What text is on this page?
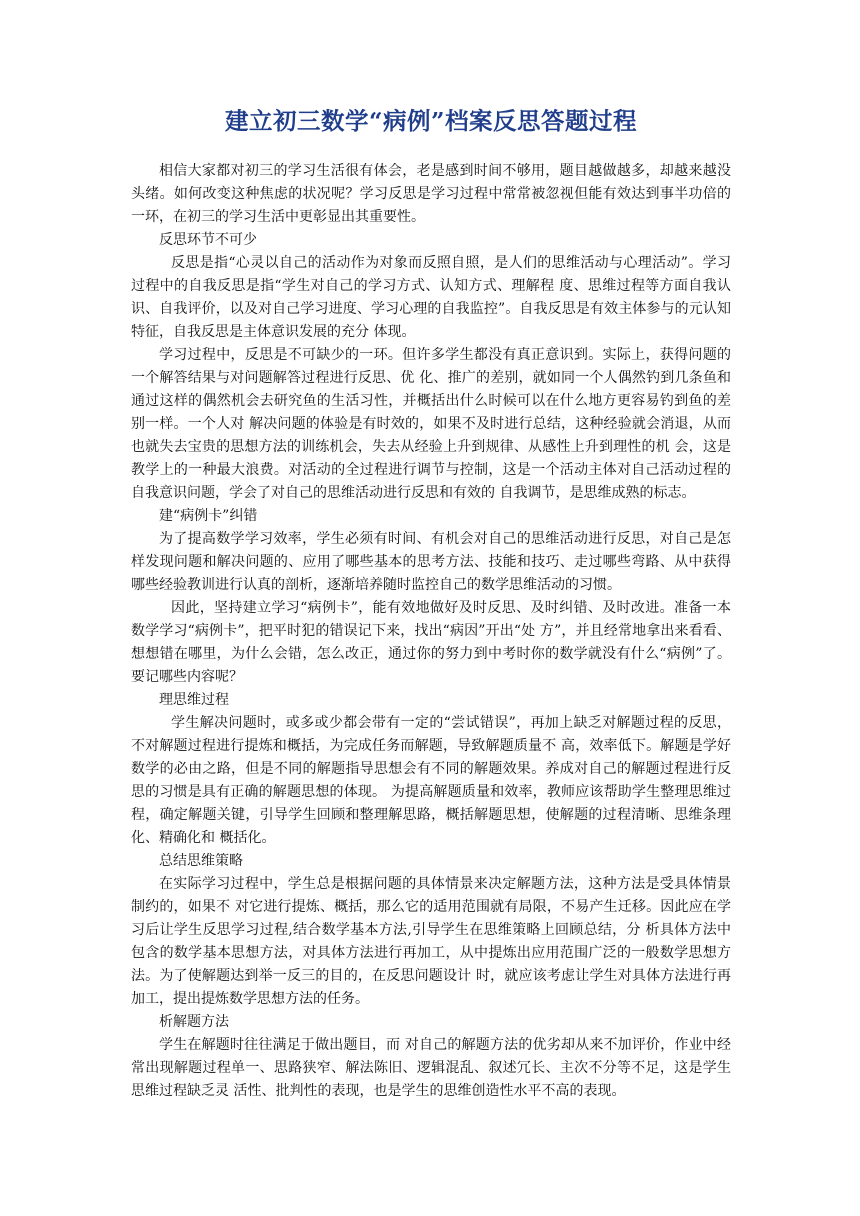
建立初三数学“病例”档案反思答题过程

相信大家都对初三的学习生活很有体会，老是感到时间不够用，题目越做越多，却越来越没头绪。如何改变这种焦虑的状况呢？学习反思是学习过程中常常被忽视但能有效达到事半功倍的一环，在初三的学习生活中更彰显出其重要性。

反思环节不可少

反思是指“心灵以自己的活动作为对象而反照自照，是人们的思维活动与心理活动”。学习过程中的自我反思是指“学生对自己的学习方式、认知方式、理解程 度、思维过程等方面自我认识、自我评价，以及对自己学习进度、学习心理的自我监控”。自我反思是有效主体参与的元认知特征，自我反思是主体意识发展的充分 体现。

学习过程中，反思是不可缺少的一环。但许多学生都没有真正意识到。实际上，获得问题的一个解答结果与对问题解答过程进行反思、优 化、推广的差别，就如同一个人偶然钓到几条鱼和通过这样的偶然机会去研究鱼的生活习性，并概括出什么时候可以在什么地方更容易钓到鱼的差别一样。一个人对 解决问题的体验是有时效的，如果不及时进行总结，这种经验就会消退，从而也就失去宝贵的思想方法的训练机会，失去从经验上升到规律、从感性上升到理性的机 会，这是教学上的一种最大浪费。对活动的全过程进行调节与控制，这是一个活动主体对自己活动过程的自我意识问题，学会了对自己的思维活动进行反思和有效的 自我调节，是思维成熟的标志。

建“病例卡”纠错

为了提高数学学习效率，学生必须有时间、有机会对自己的思维活动进行反思，对自己是怎样发现问题和解决问题的、应用了哪些基本的思考方法、技能和技巧、走过哪些弯路、从中获得哪些经验教训进行认真的剖析，逐渐培养随时监控自己的数学思维活动的习惯。

因此，坚持建立学习“病例卡”，能有效地做好及时反思、及时纠错、及时改进。准备一本数学学习“病例卡”，把平时犯的错误记下来，找出“病因”开出“处 方”，并且经常地拿出来看看、想想错在哪里，为什么会错，怎么改正，通过你的努力到中考时你的数学就没有什么“病例”了。要记哪些内容呢？

理思维过程

学生解决问题时，或多或少都会带有一定的“尝试错误”，再加上缺乏对解题过程的反思，不对解题过程进行提炼和概括，为完成任务而解题，导致解题质量不 高，效率低下。解题是学好数学的必由之路，但是不同的解题指导思想会有不同的解题效果。养成对自己的解题过程进行反思的习惯是具有正确的解题思想的体现。 为提高解题质量和效率，教师应该帮助学生整理思维过程，确定解题关键，引导学生回顾和整理解思路，概括解题思想，使解题的过程清晰、思维条理化、精确化和 概括化。

总结思维策略

在实际学习过程中，学生总是根据问题的具体情景来决定解题方法，这种方法是受具体情景制约的，如果不 对它进行提炼、概括，那么它的适用范围就有局限，不易产生迁移。因此应在学习后让学生反思学习过程,结合数学基本方法,引导学生在思维策略上回顾总结，分 析具体方法中包含的数学基本思想方法，对具体方法进行再加工，从中提炼出应用范围广泛的一般数学思想方法。为了使解题达到举一反三的目的，在反思问题设计 时，就应该考虑让学生对具体方法进行再加工，提出提炼数学思想方法的任务。

析解题方法

学生在解题时往往满足于做出题目，而 对自己的解题方法的优劣却从来不加评价，作业中经常出现解题过程单一、思路狭窄、解法陈旧、逻辑混乱、叙述冗长、主次不分等不足，这是学生思维过程缺乏灵 活性、批判性的表现，也是学生的思维创造性水平不高的表现。
